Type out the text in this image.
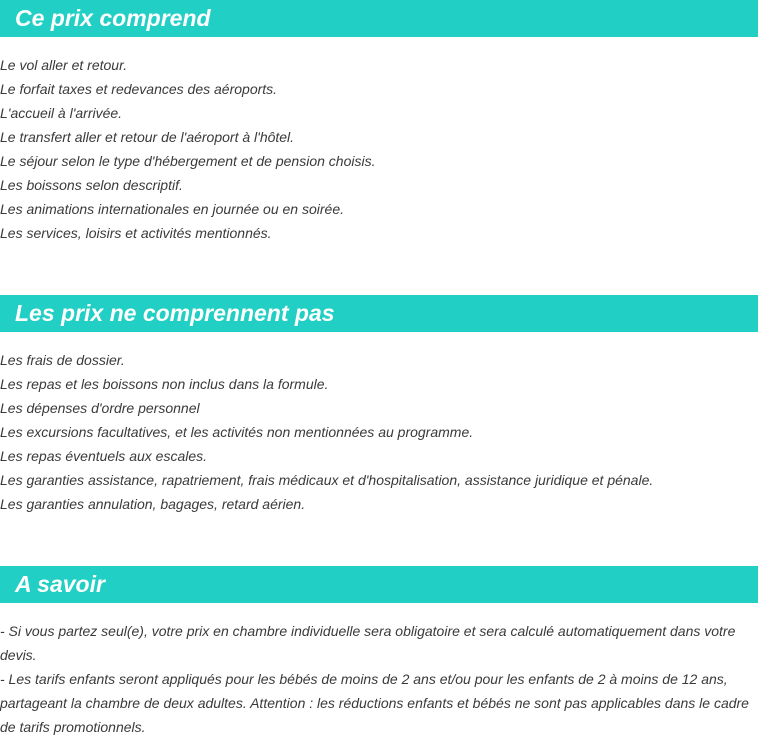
Ce prix comprend
Le vol aller et retour.
Le forfait taxes et redevances des aéroports.
L'accueil à l'arrivée.
Le transfert aller et retour de l'aéroport à l'hôtel.
Le séjour selon le type d'hébergement et de pension choisis.
Les boissons selon descriptif.
Les animations internationales en journée ou en soirée.
Les services, loisirs et activités mentionnés.
Les prix ne comprennent pas
Les frais de dossier.
Les repas et les boissons non inclus dans la formule.
Les dépenses d'ordre personnel
Les excursions facultatives, et les activités non mentionnées au programme.
Les repas éventuels aux escales.
Les garanties assistance, rapatriement, frais médicaux et d'hospitalisation, assistance juridique et pénale.
Les garanties annulation, bagages, retard aérien.
A savoir

- Si vous partez seul(e), votre prix en chambre individuelle sera obligatoire et sera calculé automatiquement dans votre devis.

- Les tarifs enfants seront appliqués pour les bébés de moins de 2 ans et/ou pour les enfants de 2 à moins de 12 ans, partageant la chambre de deux adultes. Attention : les réductions enfants et bébés ne sont pas applicables dans le cadre de tarifs promotionnels.
